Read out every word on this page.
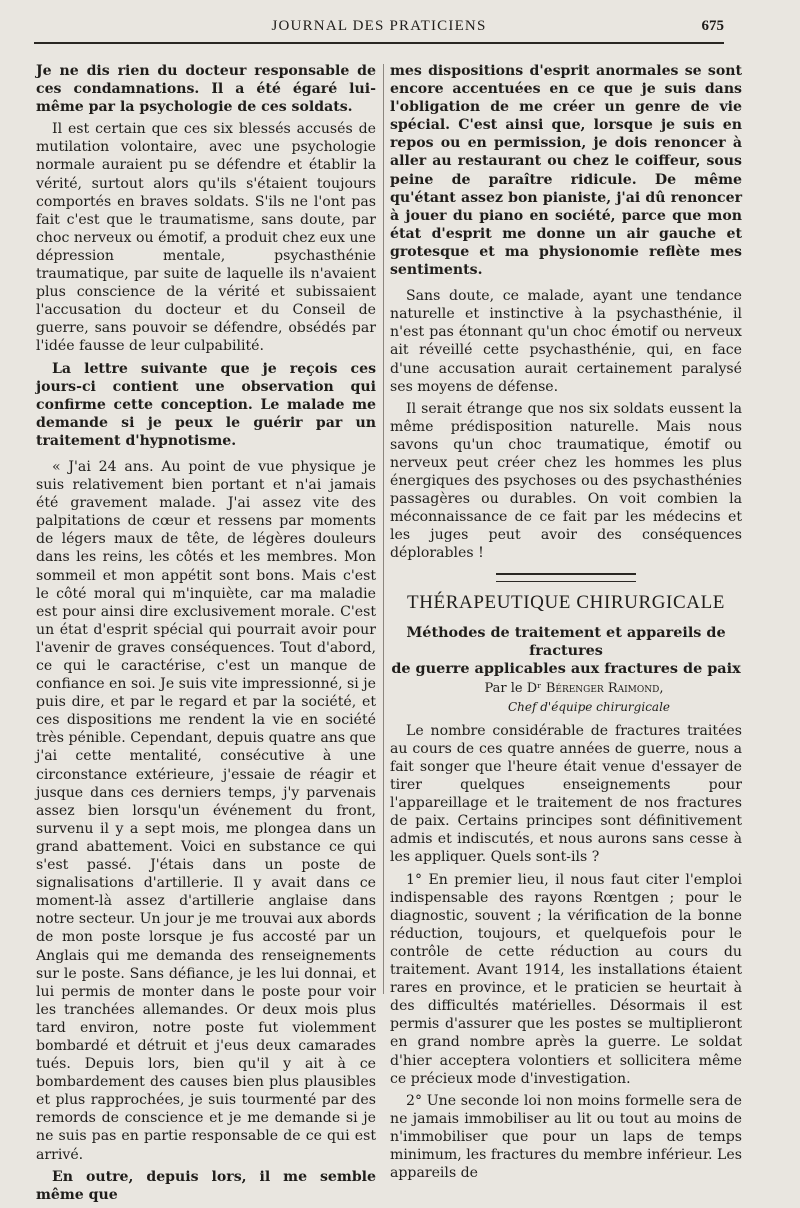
JOURNAL DES PRATICIENS	675

Je ne dis rien du docteur responsable de ces condamnations. Il a été égaré lui-même par la psychologie de ces soldats.

Il est certain que ces six blessés accusés de mutilation volontaire, avec une psychologie normale auraient pu se défendre et établir la vérité, surtout alors qu'ils s'étaient toujours comportés en braves soldats. S'ils ne l'ont pas fait c'est que le traumatisme, sans doute, par choc nerveux ou émotif, a produit chez eux une dépression mentale, psychasthénie traumatique, par suite de laquelle ils n'avaient plus conscience de la vérité et subissaient l'accusation du docteur et du Conseil de guerre, sans pouvoir se défendre, obsédés par l'idée fausse de leur culpabilité.

La lettre suivante que je reçois ces jours-ci contient une observation qui confirme cette conception. Le malade me demande si je peux le guérir par un traitement d'hypnotisme.

« J'ai 24 ans. Au point de vue physique je suis relativement bien portant et n'ai jamais été gravement malade. J'ai assez vite des palpitations de cœur et ressens par moments de légers maux de tête, de légères douleurs dans les reins, les côtés et les membres. Mon sommeil et mon appétit sont bons. Mais c'est le côté moral qui m'inquiète, car ma maladie est pour ainsi dire exclusivement morale. C'est un état d'esprit spécial qui pourrait avoir pour l'avenir de graves conséquences. Tout d'abord, ce qui le caractérise, c'est un manque de confiance en soi. Je suis vite impressionné, si je puis dire, et par le regard et par la société, et ces dispositions me rendent la vie en société très pénible. Cependant, depuis quatre ans que j'ai cette mentalité, consécutive à une circonstance extérieure, j'essaie de réagir et jusque dans ces derniers temps, j'y parvenais assez bien lorsqu'un événement du front, survenu il y a sept mois, me plongea dans un grand abattement. Voici en substance ce qui s'est passé. J'étais dans un poste de signalisations d'artillerie. Il y avait dans ce moment-là assez d'artillerie anglaise dans notre secteur. Un jour je me trouvai aux abords de mon poste lorsque je fus accosté par un Anglais qui me demanda des renseignements sur le poste. Sans défiance, je les lui donnai, et lui permis de monter dans le poste pour voir les tranchées allemandes. Or deux mois plus tard environ, notre poste fut violemment bombardé et détruit et j'eus deux camarades tués. Depuis lors, bien qu'il y ait à ce bombardement des causes bien plus plausibles et plus rapprochées, je suis tourmenté par des remords de conscience et je me demande si je ne suis pas en partie responsable de ce qui est arrivé.

En outre, depuis lors, il me semble même que

mes dispositions d'esprit anormales se sont encore accentuées en ce que je suis dans l'obligation de me créer un genre de vie spécial. C'est ainsi que, lorsque je suis en repos ou en permission, je dois renoncer à aller au restaurant ou chez le coiffeur, sous peine de paraître ridicule. De même qu'étant assez bon pianiste, j'ai dû renoncer à jouer du piano en société, parce que mon état d'esprit me donne un air gauche et grotesque et ma physionomie reflète mes sentiments.

Sans doute, ce malade, ayant une tendance naturelle et instinctive à la psychasthénie, il n'est pas étonnant qu'un choc émotif ou nerveux ait réveillé cette psychasthénie, qui, en face d'une accusation aurait certainement paralysé ses moyens de défense.

Il serait étrange que nos six soldats eussent la même prédisposition naturelle. Mais nous savons qu'un choc traumatique, émotif ou nerveux peut créer chez les hommes les plus énergiques des psychoses ou des psychasthénies passagères ou durables. On voit combien la méconnaissance de ce fait par les médecins et les juges peut avoir des conséquences déplorables !

THÉRAPEUTIQUE CHIRURGICALE
Méthodes de traitement et appareils de fractures
de guerre applicables aux fractures de paix

Par le Dʳ Bérenger Raimond,

Chef d'équipe chirurgicale

Le nombre considérable de fractures traitées au cours de ces quatre années de guerre, nous a fait songer que l'heure était venue d'essayer de tirer quelques enseignements pour l'appareillage et le traitement de nos fractures de paix. Certains principes sont définitivement admis et indiscutés, et nous aurons sans cesse à les appliquer. Quels sont-ils ?

1° En premier lieu, il nous faut citer l'emploi indispensable des rayons Rœntgen ; pour le diagnostic, souvent ; la vérification de la bonne réduction, toujours, et quelquefois pour le contrôle de cette réduction au cours du traitement. Avant 1914, les installations étaient rares en province, et le praticien se heurtait à des difficultés matérielles. Désormais il est permis d'assurer que les postes se multiplieront en grand nombre après la guerre. Le soldat d'hier acceptera volontiers et sollicitera même ce précieux mode d'investigation.

2° Une seconde loi non moins formelle sera de ne jamais immobiliser au lit ou tout au moins de n'immobiliser que pour un laps de temps minimum, les fractures du membre inférieur. Les appareils de
